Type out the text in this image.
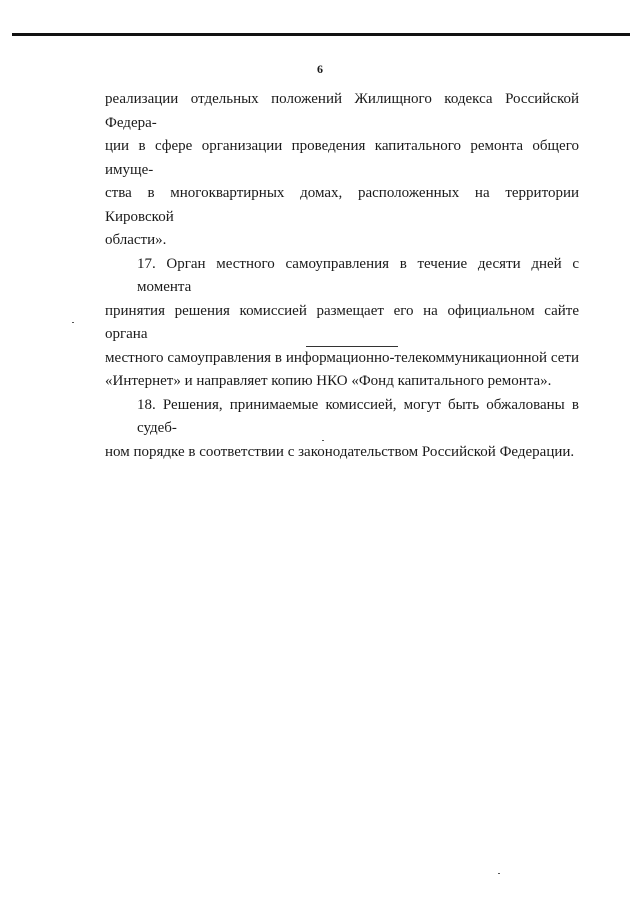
6

реализации отдельных положений Жилищного кодекса Российской Федера-
ции в сфере организации проведения капитального ремонта общего имуще-
ства в многоквартирных домах, расположенных на территории Кировской
области».

17. Орган местного самоуправления в течение десяти дней с момента
принятия решения комиссией размещает его на официальном сайте органа
местного самоуправления в информационно-телекоммуникационной сети
«Интернет» и направляет копию НКО «Фонд капитального ремонта».

18. Решения, принимаемые комиссией, могут быть обжалованы в судеб-
ном порядке в соответствии с законодательством Российской Федерации.
